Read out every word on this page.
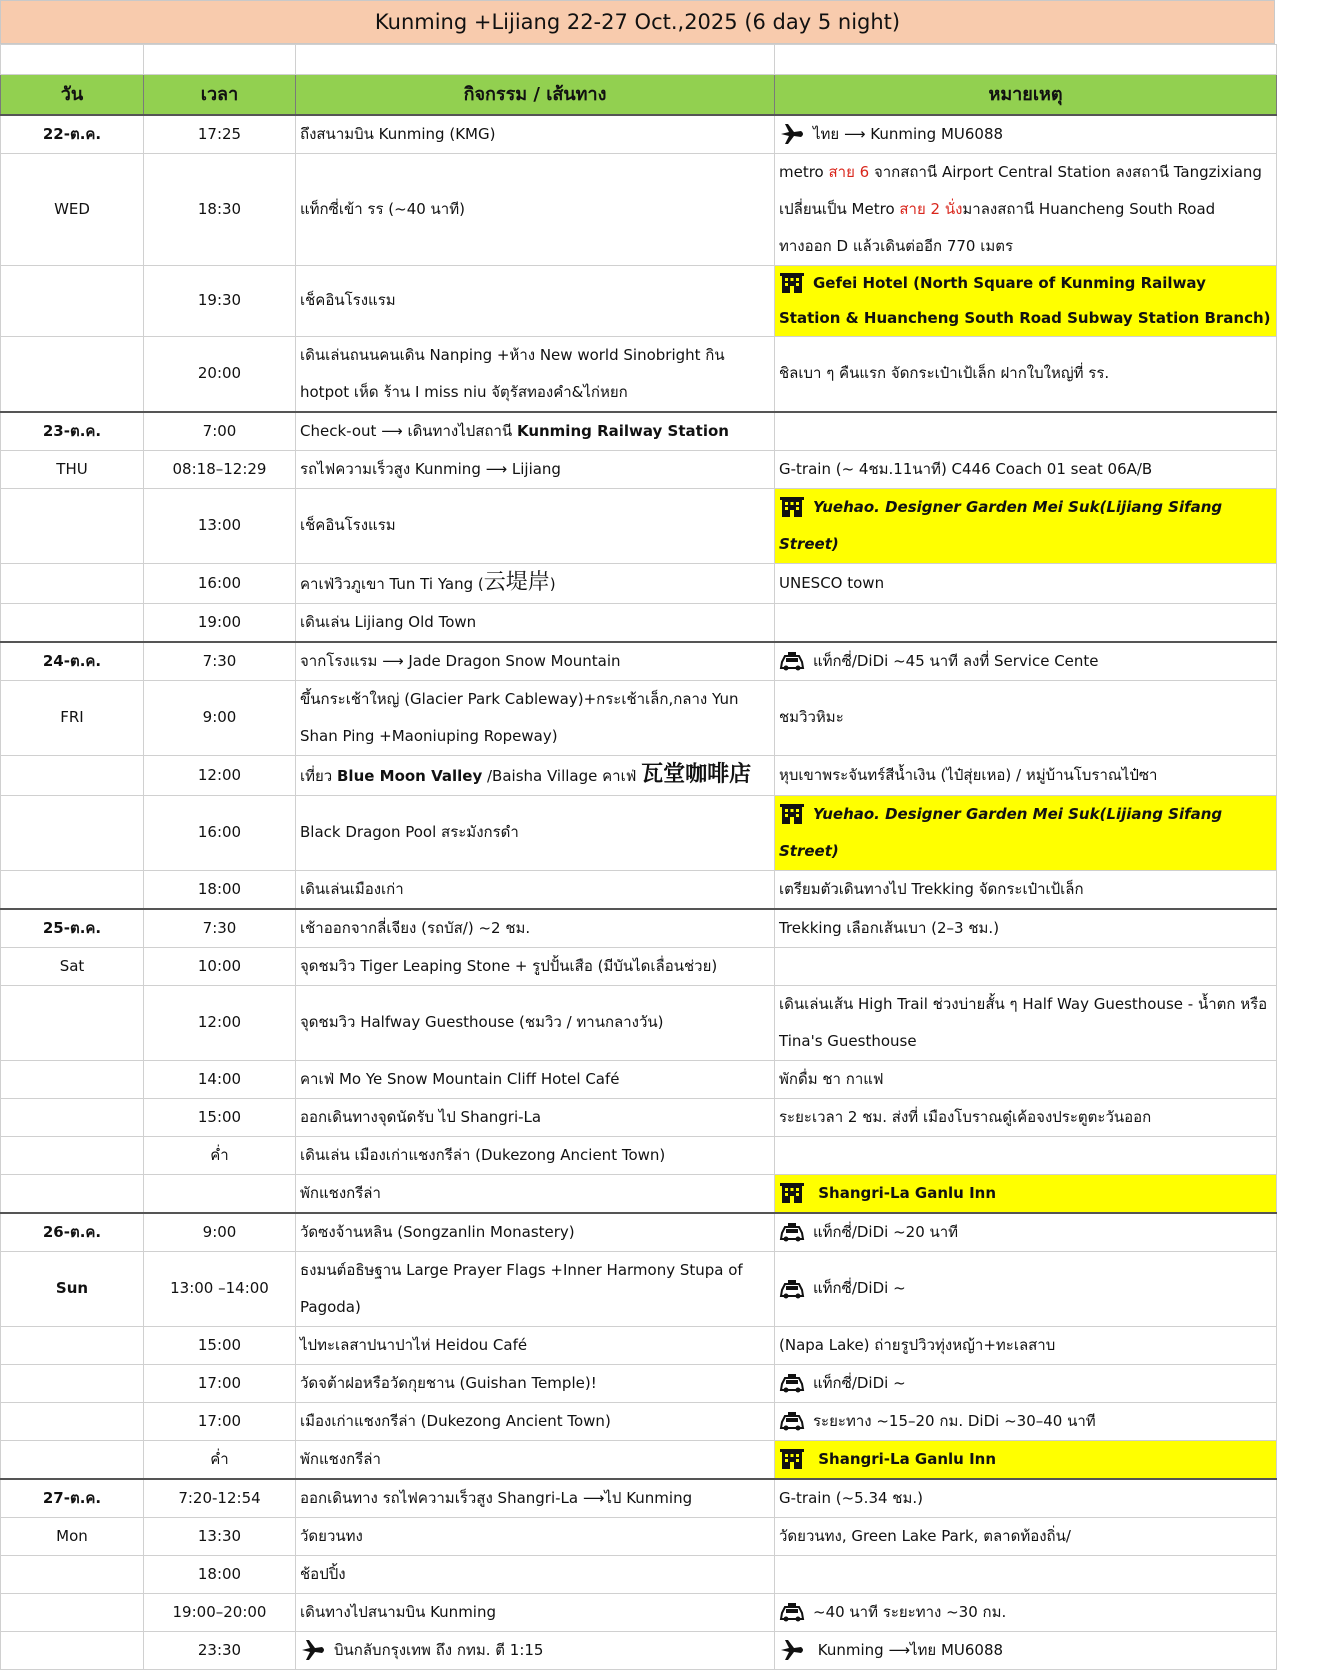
Kunming +Lijiang 22-27 Oct.,2025 (6 day 5 night)

วัน	เวลา	กิจกรรม / เส้นทาง	หมายเหตุ
22-ต.ค.	17:25	ถึงสนามบิน Kunming (KMG)	ไทย ⟶ Kunming MU6088
WED	18:30	แท็กซี่เข้า รร (~40 นาที)	metro สาย 6 จากสถานี Airport Central Station ลงสถานี Tangzixiang
เปลี่ยนเป็น Metro สาย 2 นั่งมาลงสถานี Huancheng South Road
ทางออก D แล้วเดินต่ออีก 770 เมตร
	19:30	เช็คอินโรงแรม	Gefei Hotel (North Square of Kunming Railway Station & Huancheng South Road Subway Station Branch)
	20:00	เดินเล่นถนนคนเดิน Nanping +ห้าง New world Sinobright กิน hotpot เห็ด ร้าน I miss niu จัตุรัสทองคำ&ไก่หยก	ชิลเบา ๆ คืนแรก จัดกระเป๋าเป้เล็ก ฝากใบใหญ่ที่ รร.
23-ต.ค.	7:00	Check-out ⟶ เดินทางไปสถานี Kunming Railway Station	
THU	08:18–12:29	รถไฟความเร็วสูง Kunming ⟶ Lijiang	G-train (~ 4ชม.11นาที) C446 Coach 01 seat 06A/B
	13:00	เช็คอินโรงแรม	Yuehao. Designer Garden Mei Suk(Lijiang Sifang Street)
	16:00	คาเฟ่วิวภูเขา Tun Ti Yang (云堤岸)	UNESCO town
	19:00	เดินเล่น Lijiang Old Town	
24-ต.ค.	7:30	จากโรงแรม ⟶ Jade Dragon Snow Mountain	แท็กซี่/DiDi ~45 นาที ลงที่ Service Cente
FRI	9:00	ขึ้นกระเช้าใหญ่ (Glacier Park Cableway)+กระเช้าเล็ก,กลาง Yun Shan Ping +Maoniuping Ropeway)	ชมวิวหิมะ
	12:00	เที่ยว Blue Moon Valley /Baisha Village คาเฟ่ 瓦堂咖啡店	หุบเขาพระจันทร์สีน้ำเงิน (ไป๋สุ่ยเหอ) / หมู่บ้านโบราณไป๋ซา
	16:00	Black Dragon Pool สระมังกรดำ	Yuehao. Designer Garden Mei Suk(Lijiang Sifang Street)
	18:00	เดินเล่นเมืองเก่า	เตรียมตัวเดินทางไป Trekking จัดกระเป๋าเป้เล็ก
25-ต.ค.	7:30	เช้าออกจากลี่เจียง (รถบัส/) ~2 ชม.	Trekking เลือกเส้นเบา (2–3 ชม.)
Sat	10:00	จุดชมวิว Tiger Leaping Stone + รูปปั้นเสือ (มีบันไดเลื่อนช่วย)	
	12:00	จุดชมวิว Halfway Guesthouse (ชมวิว / ทานกลางวัน)	เดินเล่นเส้น High Trail ช่วงบ่ายสั้น ๆ Half Way Guesthouse - น้ำตก หรือ Tina's Guesthouse
	14:00	คาเฟ่ Mo Ye Snow Mountain Cliff Hotel Café	พักดื่ม ชา กาแฟ
	15:00	ออกเดินทางจุดนัดรับ ไป Shangri-La	ระยะเวลา 2 ชม. ส่งที่ เมืองโบราณดู๋เค้อจงประตูตะวันออก
	ค่ำ	เดินเล่น เมืองเก่าแชงกรีล่า (Dukezong Ancient Town)	
		พักแชงกรีล่า	Shangri-La Ganlu Inn
26-ต.ค.	9:00	วัดซงจ้านหลิน (Songzanlin Monastery)	แท็กซี่/DiDi ~20 นาที
Sun	13:00 –14:00	ธงมนต์อธิษฐาน Large Prayer Flags +Inner Harmony Stupa of Pagoda)	แท็กซี่/DiDi ~
	15:00	ไปทะเลสาปนาปาไห่ Heidou Café	(Napa Lake) ถ่ายรูปวิวทุ่งหญ้า+ทะเลสาบ
	17:00	วัดจต้าฝอหรือวัดกุยชาน (Guishan Temple)!	แท็กซี่/DiDi ~
	17:00	เมืองเก่าแชงกรีล่า (Dukezong Ancient Town)	ระยะทาง ~15–20 กม. DiDi ~30–40 นาที
	ค่ำ	พักแชงกรีล่า	Shangri-La Ganlu Inn
27-ต.ค.	7:20-12:54	ออกเดินทาง รถไฟความเร็วสูง Shangri-La ⟶ไป Kunming	G-train (~5.34 ชม.)
Mon	13:30	วัดยวนทง	วัดยวนทง, Green Lake Park, ตลาดท้องถิ่น/
	18:00	ช้อปปิ้ง	
	19:00–20:00	เดินทางไปสนามบิน Kunming	~40 นาที ระยะทาง ~30 กม.
	23:30	บินกลับกรุงเทพ ถึง กทม. ตี 1:15	Kunming ⟶ไทย MU6088
